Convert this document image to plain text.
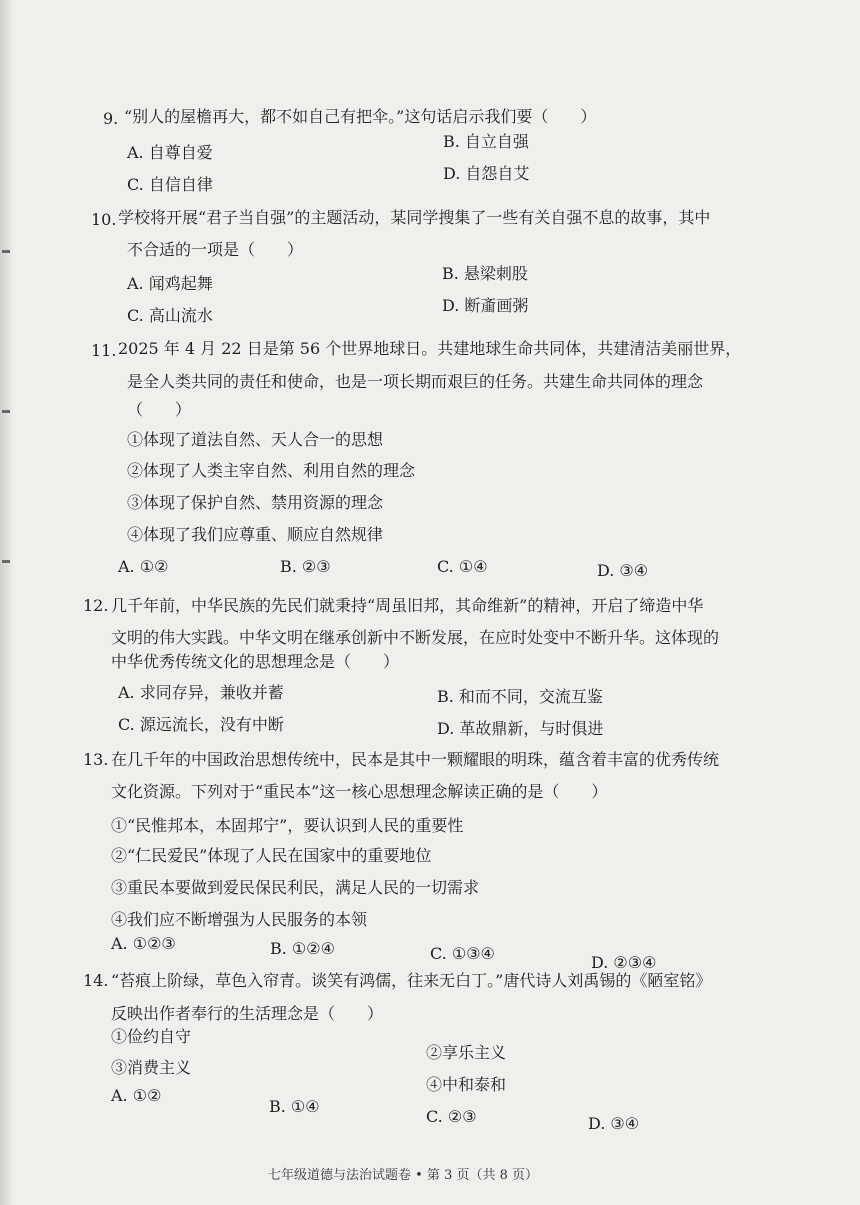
9. “别人的屋檐再大，都不如自己有把伞。”这句话启示我们要（　　）
A. 自尊自爱
B. 自立自强
C. 自信自律
D. 自怨自艾
10. 学校将开展“君子当自强”的主题活动，某同学搜集了一些有关自强不息的故事，其中
不合适的一项是（　　）
A. 闻鸡起舞
B. 悬梁刺股
C. 高山流水
D. 断齑画粥
11. 2025 年 4 月 22 日是第 56 个世界地球日。共建地球生命共同体，共建清洁美丽世界，
是全人类共同的责任和使命，也是一项长期而艰巨的任务。共建生命共同体的理念
（　　）
①体现了道法自然、天人合一的思想
②体现了人类主宰自然、利用自然的理念
③体现了保护自然、禁用资源的理念
④体现了我们应尊重、顺应自然规律
A. ①②	B. ②③	C. ①④	D. ③④
12. 几千年前，中华民族的先民们就秉持“周虽旧邦，其命维新”的精神，开启了缔造中华
文明的伟大实践。中华文明在继承创新中不断发展，在应时处变中不断升华。这体现的
中华优秀传统文化的思想理念是（　　）
A. 求同存异，兼收并蓄	B. 和而不同，交流互鉴
C. 源远流长，没有中断	D. 革故鼎新，与时俱进
13. 在几千年的中国政治思想传统中，民本是其中一颗耀眼的明珠，蕴含着丰富的优秀传统
文化资源。下列对于“重民本”这一核心思想理念解读正确的是（　　）
①“民惟邦本，本固邦宁”，要认识到人民的重要性
②“仁民爱民”体现了人民在国家中的重要地位
③重民本要做到爱民保民利民，满足人民的一切需求
④我们应不断增强为人民服务的本领
A. ①②③	B. ①②④	C. ①③④	D. ②③④
14. “苔痕上阶绿，草色入帘青。谈笑有鸿儒，往来无白丁。”唐代诗人刘禹锡的《陋室铭》
反映出作者奉行的生活理念是（　　）
①俭约自守
②享乐主义
③消费主义
④中和泰和
A. ①②
B. ①④
C. ②③	D. ③④
七年级道德与法治试题卷 • 第 3 页（共 8 页）
